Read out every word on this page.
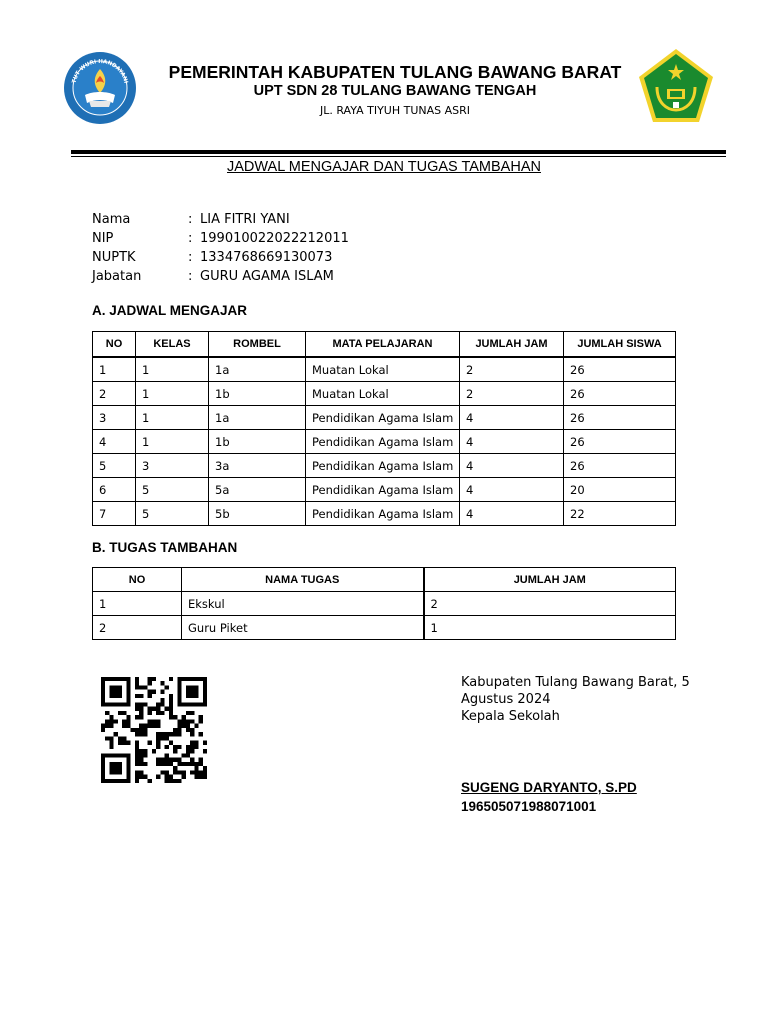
TUT WURI HANDAYANI
PEMERINTAH KABUPATEN TULANG BAWANG BARAT
UPT SDN 28 TULANG BAWANG TENGAH
JL. RAYA TIYUH TUNAS ASRI
JADWAL MENGAJAR DAN TUGAS TAMBAHAN
Nama	: LIA FITRI YANI
NIP	: 199010022022212011
NUPTK	: 1334768669130073
Jabatan	: GURU AGAMA ISLAM
A. JADWAL MENGAJAR
NO	KELAS	ROMBEL	MATA PELAJARAN	JUMLAH JAM	JUMLAH SISWA
1	1	1a	Muatan Lokal	2	26
2	1	1b	Muatan Lokal	2	26
3	1	1a	Pendidikan Agama Islam	4	26
4	1	1b	Pendidikan Agama Islam	4	26
5	3	3a	Pendidikan Agama Islam	4	26
6	5	5a	Pendidikan Agama Islam	4	20
7	5	5b	Pendidikan Agama Islam	4	22
B. TUGAS TAMBAHAN
NO	NAMA TUGAS	JUMLAH JAM
1	Ekskul	2
2	Guru Piket	1
Kabupaten Tulang Bawang Barat, 5 Agustus 2024
Kepala Sekolah
SUGENG DARYANTO, S.PD
196505071988071001
